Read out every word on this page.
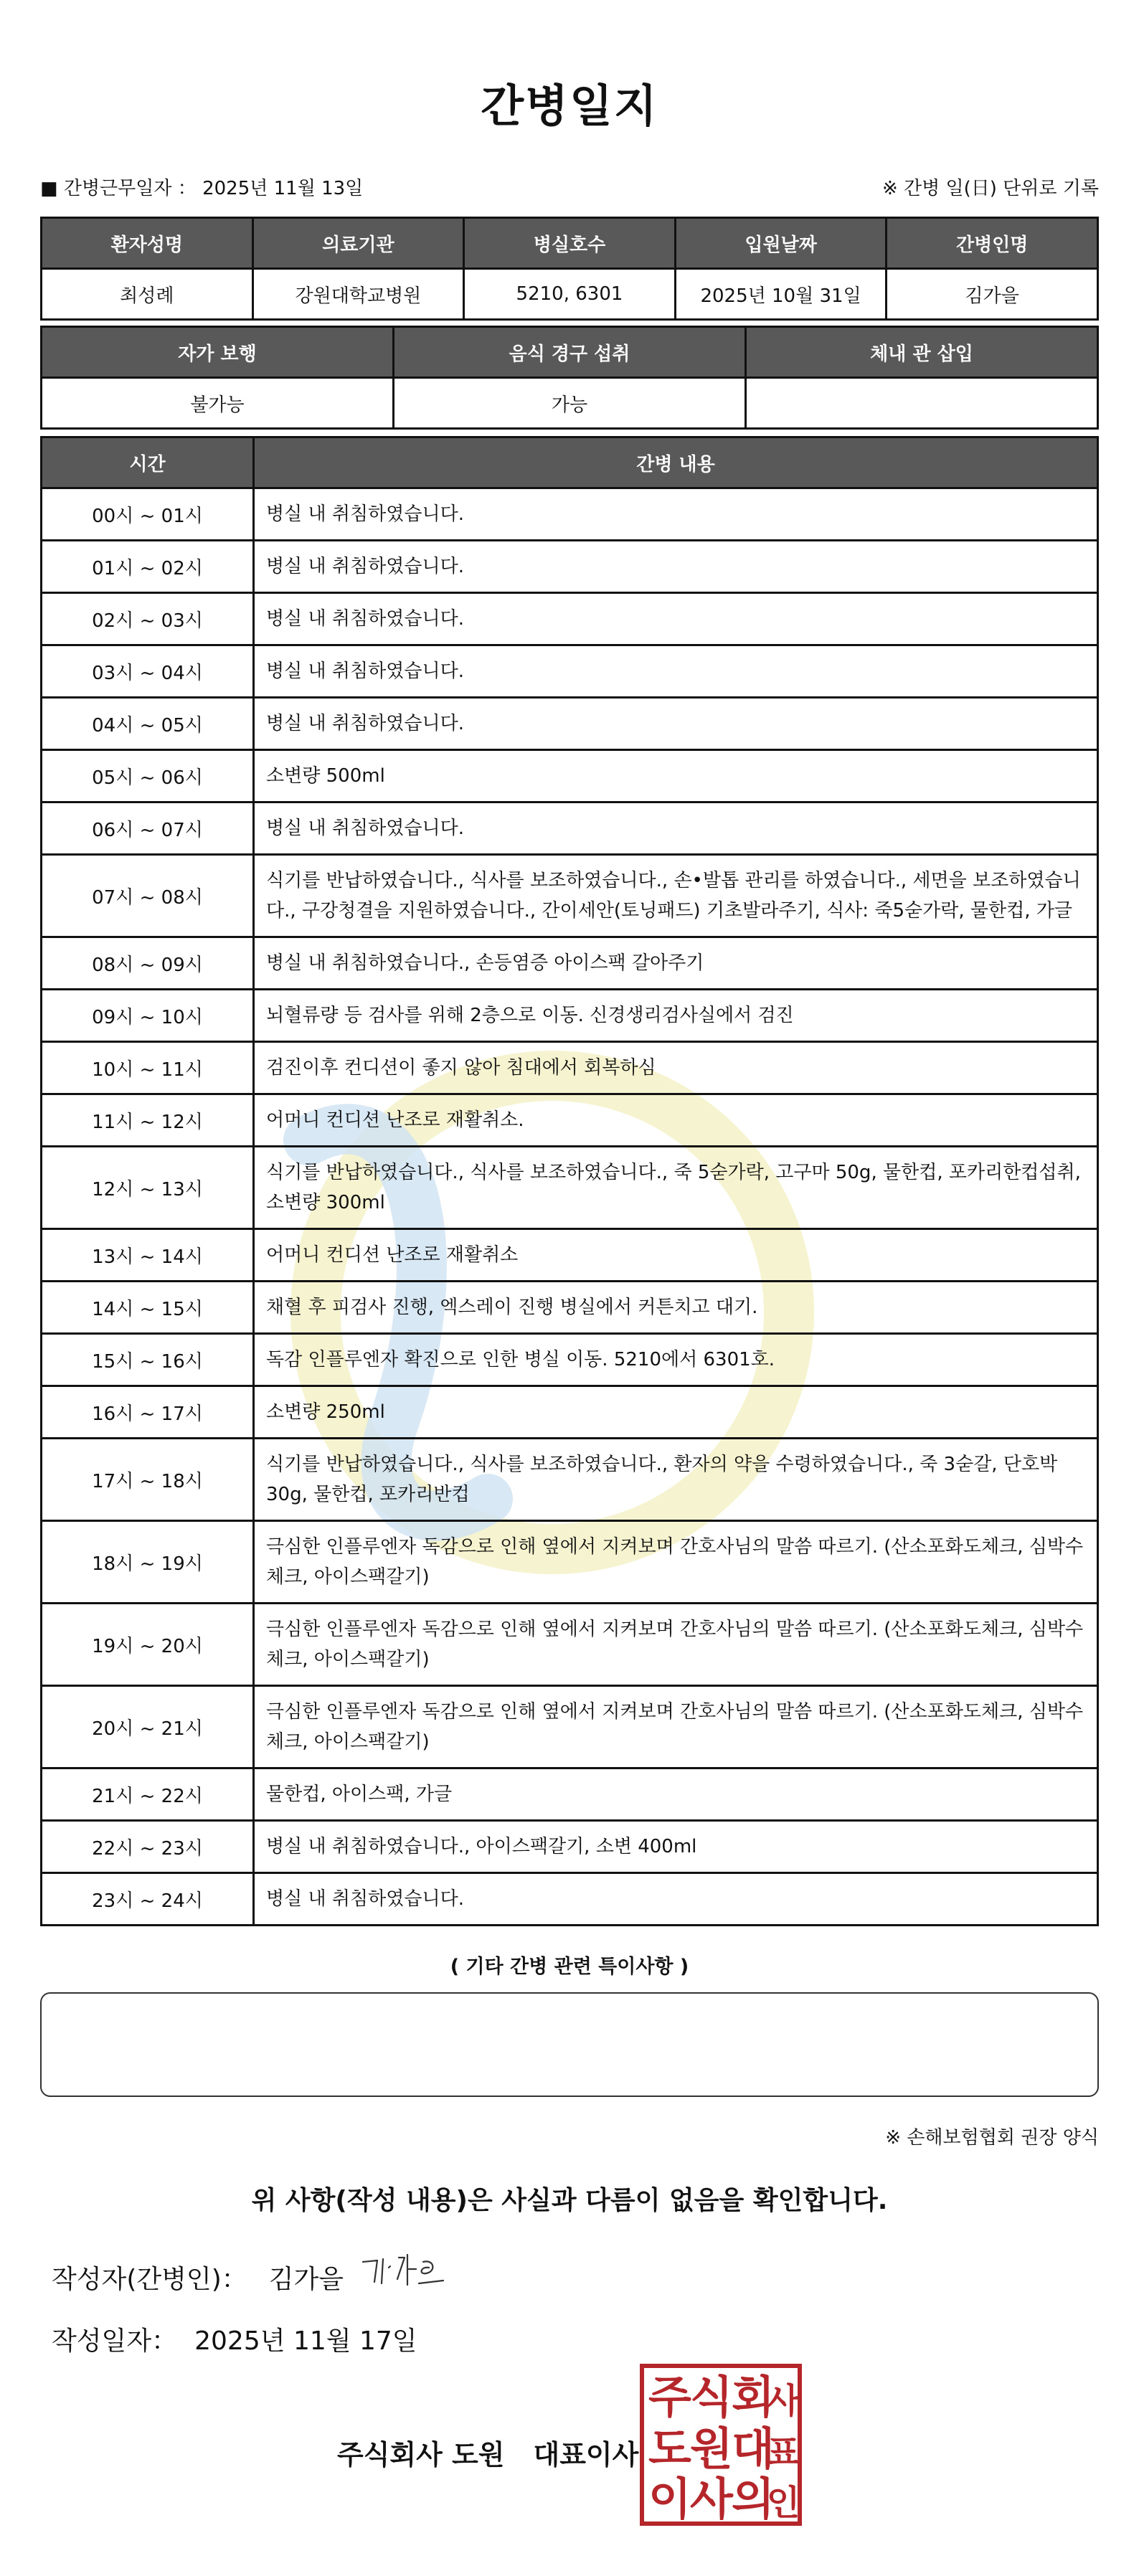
간병일지
■ 간병근무일자 ： 2025년 11월 13일	※ 간병 일(日) 단위로 기록
환자성명	의료기관	병실호수	입원날짜	간병인명
최성례	강원대학교병원	5210, 6301	2025년 10월 31일	김가을
자가 보행	음식 경구 섭취	체내 관 삽입
불가능	가능	
시간	간병 내용
00시 ~ 01시	병실 내 취침하였습니다.
01시 ~ 02시	병실 내 취침하였습니다.
02시 ~ 03시	병실 내 취침하였습니다.
03시 ~ 04시	병실 내 취침하였습니다.
04시 ~ 05시	병실 내 취침하였습니다.
05시 ~ 06시	소변량 500ml
06시 ~ 07시	병실 내 취침하였습니다.
07시 ~ 08시	식기를 반납하였습니다., 식사를 보조하였습니다., 손•발톱 관리를 하였습니다., 세면을 보조하였습니다., 구강청결을 지원하였습니다., 간이세안(토닝패드) 기초발라주기, 식사: 죽5숟가락, 물한컵, 가글
08시 ~ 09시	병실 내 취침하였습니다., 손등염증 아이스팩 갈아주기
09시 ~ 10시	뇌혈류량 등 검사를 위해 2층으로 이동. 신경생리검사실에서 검진
10시 ~ 11시	검진이후 컨디션이 좋지 않아 침대에서 회복하심
11시 ~ 12시	어머니 컨디션 난조로 재활취소.
12시 ~ 13시	식기를 반납하였습니다., 식사를 보조하였습니다., 죽 5숟가락, 고구마 50g, 물한컵, 포카리한컵섭취, 소변량 300ml
13시 ~ 14시	어머니 컨디션 난조로 재활취소
14시 ~ 15시	채혈 후 피검사 진행, 엑스레이 진행 병실에서 커튼치고 대기.
15시 ~ 16시	독감 인플루엔자 확진으로 인한 병실 이동. 5210에서 6301호.
16시 ~ 17시	소변량 250ml
17시 ~ 18시	식기를 반납하였습니다., 식사를 보조하였습니다., 환자의 약을 수령하였습니다., 죽 3숟갈, 단호박 30g, 물한컵, 포카리반컵
18시 ~ 19시	극심한 인플루엔자 독감으로 인해 옆에서 지켜보며 간호사님의 말씀 따르기. (산소포화도체크, 심박수체크, 아이스팩갈기)
19시 ~ 20시	극심한 인플루엔자 독감으로 인해 옆에서 지켜보며 간호사님의 말씀 따르기. (산소포화도체크, 심박수체크, 아이스팩갈기)
20시 ~ 21시	극심한 인플루엔자 독감으로 인해 옆에서 지켜보며 간호사님의 말씀 따르기. (산소포화도체크, 심박수체크, 아이스팩갈기)
21시 ~ 22시	물한컵, 아이스팩, 가글
22시 ~ 23시	병실 내 취침하였습니다., 아이스팩갈기, 소변 400ml
23시 ~ 24시	병실 내 취침하였습니다.
( 기타 간병 관련 특이사항 )
※ 손해보험협회 권장 양식
위 사항(작성 내용)은 사실과 다름이 없음을 확인합니다.
작성자(간병인)： 김가을
작성일자： 2025년 11월 17일
주식회사 도원 대표이사
주
식
회
사
도
원
대
표
이
사
의
인
